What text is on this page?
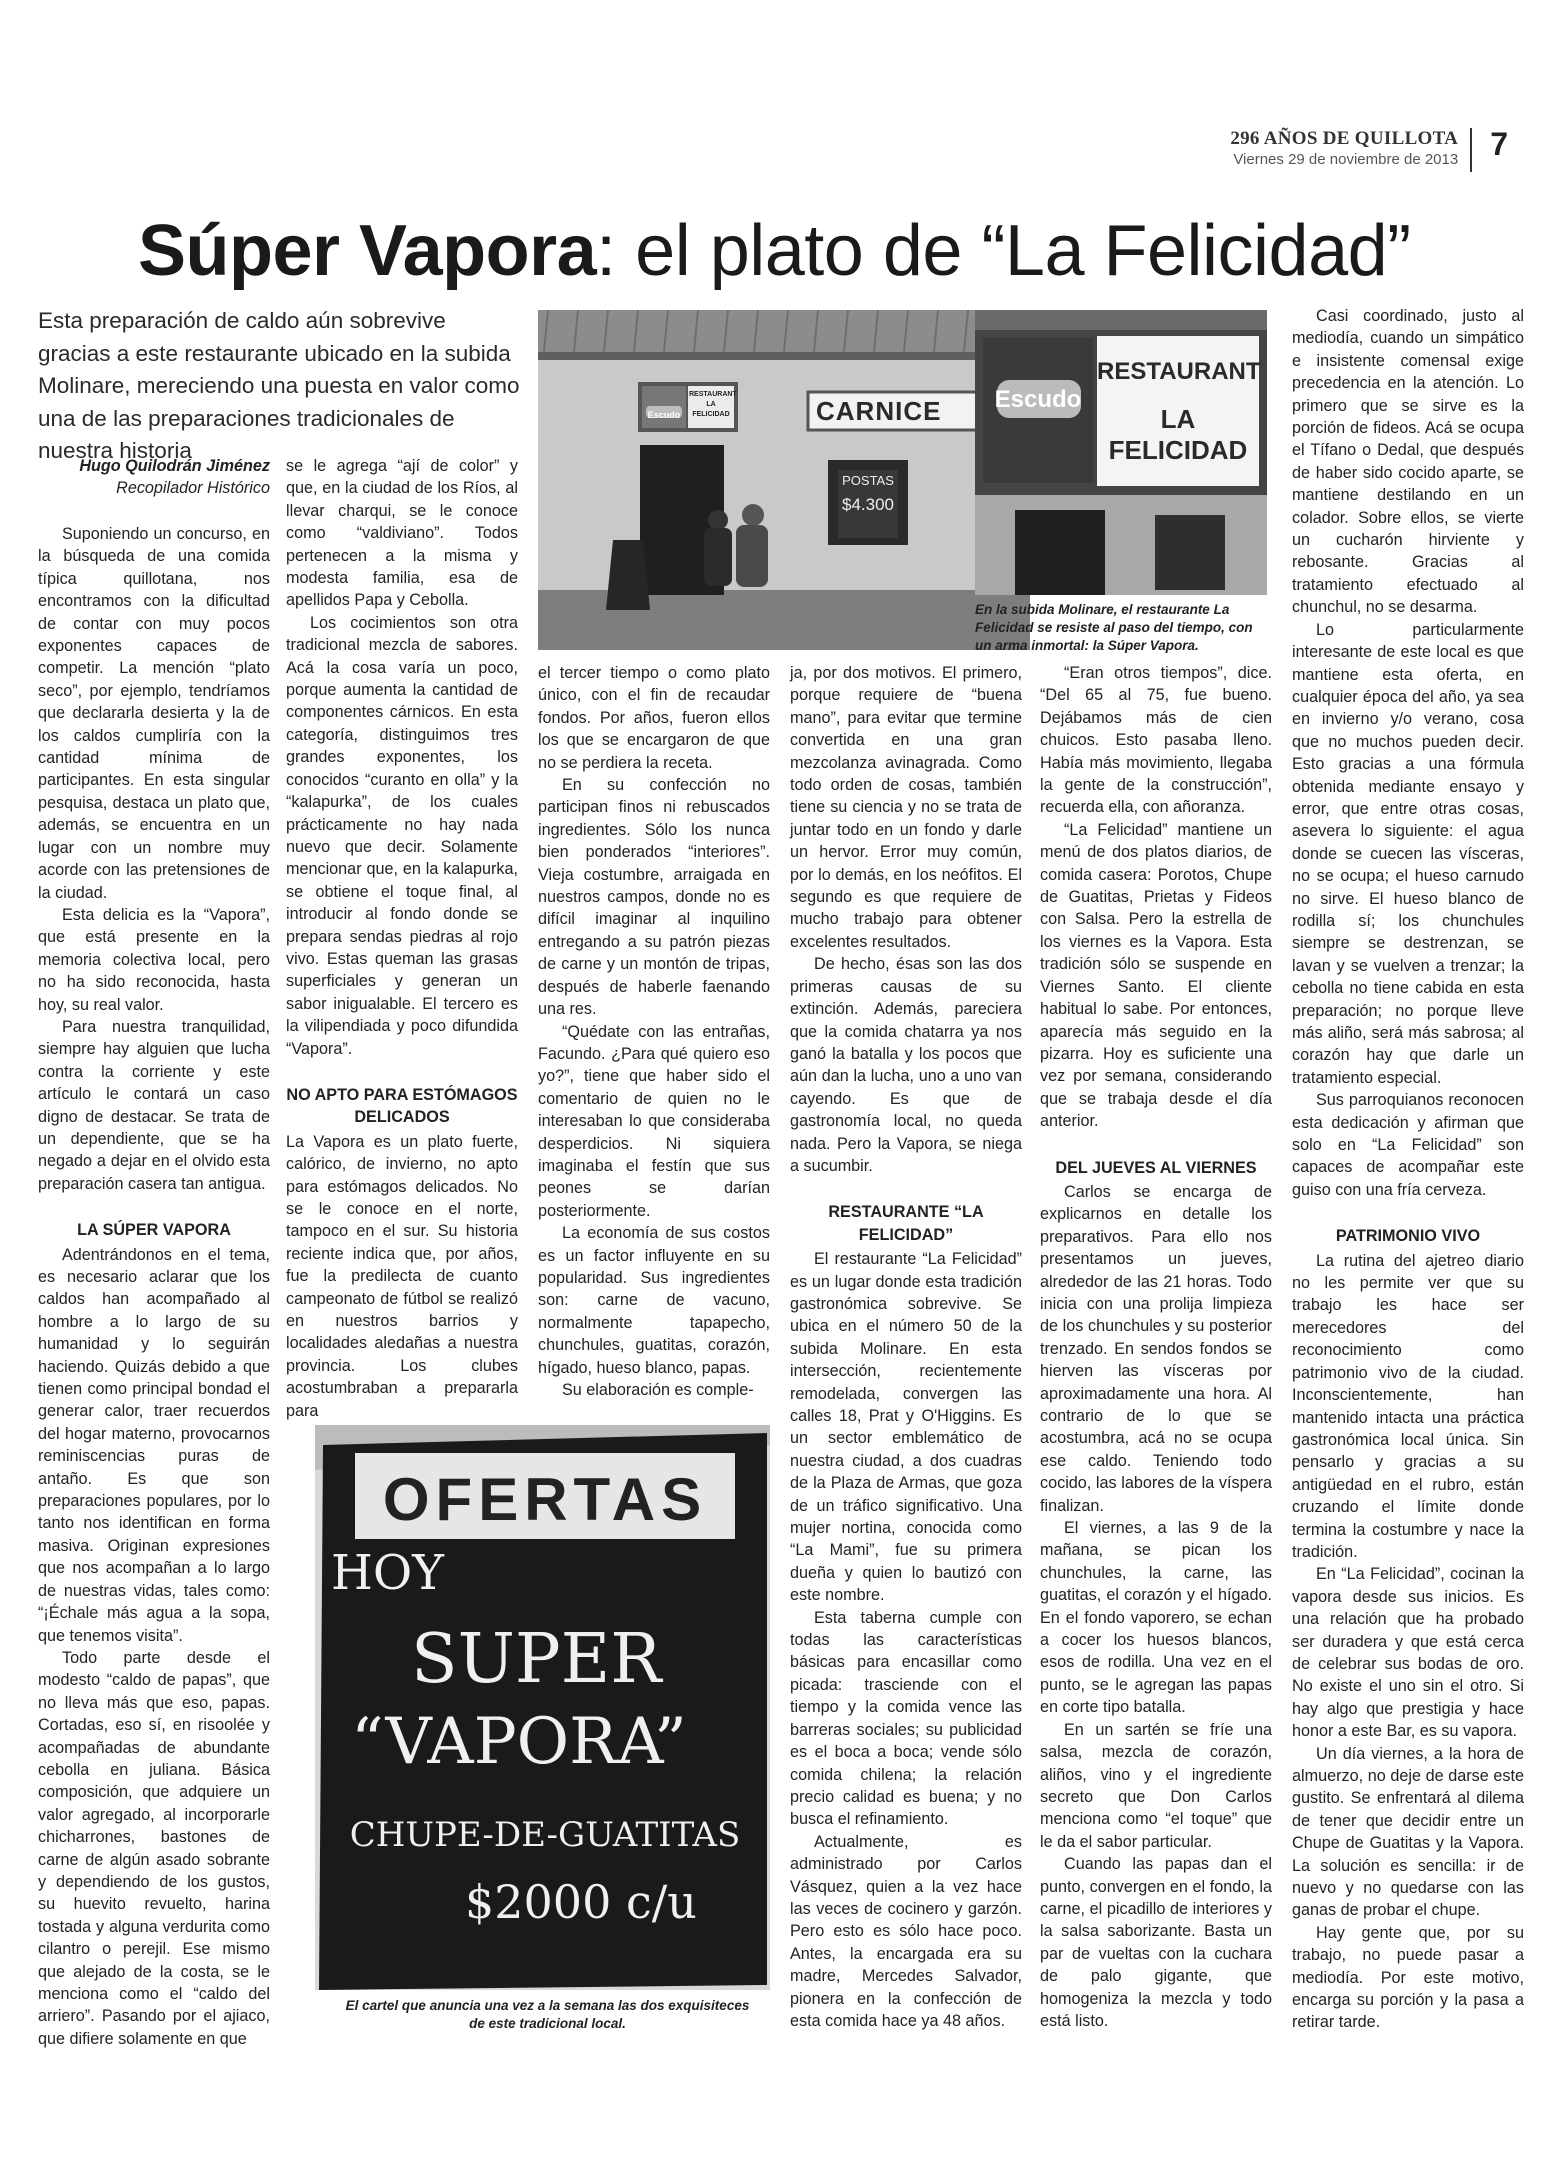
296 AÑOS DE QUILLOTA
Viernes 29 de noviembre de 2013	7
Súper Vapora: el plato de “La Felicidad”
Esta preparación de caldo aún sobrevive gracias a este restaurante ubicado en la subida Molinare, mereciendo una puesta en valor como una de las preparaciones tradicionales de nuestra historia
Hugo Quilodrán Jiménez
Recopilador Histórico

Suponiendo un concurso, en la búsqueda de una comida típica quillotana, nos encontramos con la dificultad de contar con muy pocos exponentes capaces de competir. La mención “plato seco”, por ejemplo, tendríamos que declararla desierta y la de los caldos cumpliría con la cantidad mínima de participantes. En esta singular pesquisa, destaca un plato que, además, se encuentra en un lugar con un nombre muy acorde con las pretensiones de la ciudad.

Esta delicia es la “Vapora”, que está presente en la memoria colectiva local, pero no ha sido reconocida, hasta hoy, su real valor.

Para nuestra tranquilidad, siempre hay alguien que lucha contra la corriente y este artículo le contará un caso digno de destacar. Se trata de un dependiente, que se ha negado a dejar en el olvido esta preparación casera tan antigua.

LA SÚPER VAPORA

Adentrándonos en el tema, es necesario aclarar que los caldos han acompañado al hombre a lo largo de su humanidad y lo seguirán haciendo. Quizás debido a que tienen como principal bondad el generar calor, traer recuerdos del hogar materno, provocarnos reminiscencias puras de antaño. Es que son preparaciones populares, por lo tanto nos identifican en forma masiva. Originan expresiones que nos acompañan a lo largo de nuestras vidas, tales como: “¡Échale más agua a la sopa, que tenemos visita”.

Todo parte desde el modesto “caldo de papas”, que no lleva más que eso, papas. Cortadas, eso sí, en risoolée y acompañadas de abundante cebolla en juliana. Básica composición, que adquiere un valor agregado, al incorporarle chicharrones, bastones de carne de algún asado sobrante y dependiendo de los gustos, su huevito revuelto, harina tostada y alguna verdurita como cilantro o perejil. Ese mismo que alejado de la costa, se le menciona como el “caldo del arriero”. Pasando por el ajiaco, que difiere solamente en que

se le agrega “ají de color” y que, en la ciudad de los Ríos, al llevar charqui, se le conoce como “valdiviano”. Todos pertenecen a la misma y modesta familia, esa de apellidos Papa y Cebolla.

Los cocimientos son otra tradicional mezcla de sabores. Acá la cosa varía un poco, porque aumenta la cantidad de componentes cárnicos. En esta categoría, distinguimos tres grandes exponentes, los conocidos “curanto en olla” y la “kalapurka”, de los cuales prácticamente no hay nada nuevo que decir. Solamente mencionar que, en la kalapurka, se obtiene el toque final, al introducir al fondo donde se prepara sendas piedras al rojo vivo. Estas queman las grasas superficiales y generan un sabor inigualable. El tercero es la vilipendiada y poco difundida “Vapora”.

NO APTO PARA ESTÓMAGOS DELICADOS

La Vapora es un plato fuerte, calórico, de invierno, no apto para estómagos delicados. No se le conoce en el norte, tampoco en el sur. Su historia reciente indica que, por años, fue la predilecta de cuanto campeonato de fútbol se realizó en nuestros barrios y localidades aledañas a nuestra provincia. Los clubes acostumbraban a prepararla para

el tercer tiempo o como plato único, con el fin de recaudar fondos. Por años, fueron ellos los que se encargaron de que no se perdiera la receta.

En su confección no participan finos ni rebuscados ingredientes. Sólo los nunca bien ponderados “interiores”. Vieja costumbre, arraigada en nuestros campos, donde no es difícil imaginar al inquilino entregando a su patrón piezas de carne y un montón de tripas, después de haberle faenando una res.

“Quédate con las entrañas, Facundo. ¿Para qué quiero eso yo?”, tiene que haber sido el comentario de quien no le interesaban lo que consideraba desperdicios. Ni siquiera imaginaba el festín que sus peones se darían posteriormente.

La economía de sus costos es un factor influyente en su popularidad. Sus ingredientes son: carne de vacuno, normalmente tapapecho, chunchules, guatitas, corazón, hígado, hueso blanco, papas.

Su elaboración es comple-

ja, por dos motivos. El primero, porque requiere de “buena mano”, para evitar que termine convertida en una gran mezcolanza avinagrada. Como todo orden de cosas, también tiene su ciencia y no se trata de juntar todo en un fondo y darle un hervor. Error muy común, por lo demás, en los neófitos. El segundo es que requiere de mucho trabajo para obtener excelentes resultados.

De hecho, ésas son las dos primeras causas de su extinción. Además, pareciera que la comida chatarra ya nos ganó la batalla y los pocos que aún dan la lucha, uno a uno van cayendo. Es que de gastronomía local, no queda nada. Pero la Vapora, se niega a sucumbir.

RESTAURANTE “LA FELICIDAD”

El restaurante “La Felicidad” es un lugar donde esta tradición gastronómica sobrevive. Se ubica en el número 50 de la subida Molinare. En esta intersección, recientemente remodelada, convergen las calles 18, Prat y O'Higgins. Es un sector emblemático de nuestra ciudad, a dos cuadras de la Plaza de Armas, que goza de un tráfico significativo. Una mujer nortina, conocida como “La Mami”, fue su primera dueña y quien lo bautizó con este nombre.

Esta taberna cumple con todas las características básicas para encasillar como picada: trasciende con el tiempo y la comida vence las barreras sociales; su publicidad es el boca a boca; vende sólo comida chilena; la relación precio calidad es buena; y no busca el refinamiento.

Actualmente, es administrado por Carlos Vásquez, quien a la vez hace las veces de cocinero y garzón. Pero esto es sólo hace poco. Antes, la encargada era su madre, Mercedes Salvador, pionera en la confección de esta comida hace ya 48 años.

“Eran otros tiempos”, dice. “Del 65 al 75, fue bueno. Dejábamos más de cien chuicos. Esto pasaba lleno. Había más movimiento, llegaba la gente de la construcción”, recuerda ella, con añoranza.

“La Felicidad” mantiene un menú de dos platos diarios, de comida casera: Porotos, Chupe de Guatitas, Prietas y Fideos con Salsa. Pero la estrella de los viernes es la Vapora. Esta tradición sólo se suspende en Viernes Santo. El cliente habitual lo sabe. Por entonces, aparecía más seguido en la pizarra. Hoy es suficiente una vez por semana, considerando que se trabaja desde el día anterior.

DEL JUEVES AL VIERNES

Carlos se encarga de explicarnos en detalle los preparativos. Para ello nos presentamos un jueves, alrededor de las 21 horas. Todo inicia con una prolija limpieza de los chunchules y su posterior trenzado. En sendos fondos se hierven las vísceras por aproximadamente una hora. Al contrario de lo que se acostumbra, acá no se ocupa ese caldo. Teniendo todo cocido, las labores de la víspera finalizan.

El viernes, a las 9 de la mañana, se pican los chunchules, la carne, las guatitas, el corazón y el hígado. En el fondo vaporero, se echan a cocer los huesos blancos, esos de rodilla. Una vez en el punto, se le agregan las papas en corte tipo batalla.

En un sartén se fríe una salsa, mezcla de corazón, aliños, vino y el ingrediente secreto que Don Carlos menciona como “el toque” que le da el sabor particular.

Cuando las papas dan el punto, convergen en el fondo, la carne, el picadillo de interiores y la salsa saborizante. Basta un par de vueltas con la cuchara de palo gigante, que homogeniza la mezcla y todo está listo.

Casi coordinado, justo al mediodía, cuando un simpático e insistente comensal exige precedencia en la atención. Lo primero que se sirve es la porción de fideos. Acá se ocupa el Tífano o Dedal, que después de haber sido cocido aparte, se mantiene destilando en un colador. Sobre ellos, se vierte un cucharón hirviente y rebosante. Gracias al tratamiento efectuado al chunchul, no se desarma.

Lo particularmente interesante de este local es que mantiene esta oferta, en cualquier época del año, ya sea en invierno y/o verano, cosa que no muchos pueden decir. Esto gracias a una fórmula obtenida mediante ensayo y error, que entre otras cosas, asevera lo siguiente: el agua donde se cuecen las vísceras, no se ocupa; el hueso carnudo no sirve. El hueso blanco de rodilla sí; los chunchules siempre se destrenzan, se lavan y se vuelven a trenzar; la cebolla no tiene cabida en esta preparación; no porque lleve más aliño, será más sabrosa; al corazón hay que darle un tratamiento especial.

Sus parroquianos reconocen esta dedicación y afirman que solo en “La Felicidad” son capaces de acompañar este guiso con una fría cerveza.

PATRIMONIO VIVO

La rutina del ajetreo diario no les permite ver que su trabajo les hace ser merecedores del reconocimiento como patrimonio vivo de la ciudad. Inconscientemente, han mantenido intacta una práctica gastronómica local única. Sin pensarlo y gracias a su antigüedad en el rubro, están cruzando el límite donde termina la costumbre y nace la tradición.

En “La Felicidad”, cocinan la vapora desde sus inicios. Es una relación que ha probado ser duradera y que está cerca de celebrar sus bodas de oro. No existe el uno sin el otro. Si hay algo que prestigia y hace honor a este Bar, es su vapora.

Un día viernes, a la hora de almuerzo, no deje de darse este gustito. Se enfrentará al dilema de tener que decidir entre un Chupe de Guatitas y la Vapora. La solución es sencilla: ir de nuevo y no quedarse con las ganas de probar el chupe.

Hay gente que, por su trabajo, no puede pasar a mediodía. Por este motivo, encarga su porción y la pasa a retirar tarde.

Escudo
RESTAURANT LA FELICIDAD	CARNICE
POSTAS
$4.300
Escudo
RESTAURANT
LA FELICIDAD
En la subida Molinare, el restaurante La Felicidad se resiste al paso del tiempo, con un arma inmortal: la Súper Vapora.
OFERTAS
HOY
SUPER
“VAPORA”
CHUPE-DE-GUATITAS
$2000 c/u
El cartel que anuncia una vez a la semana las dos exquisiteces de este tradicional local.
